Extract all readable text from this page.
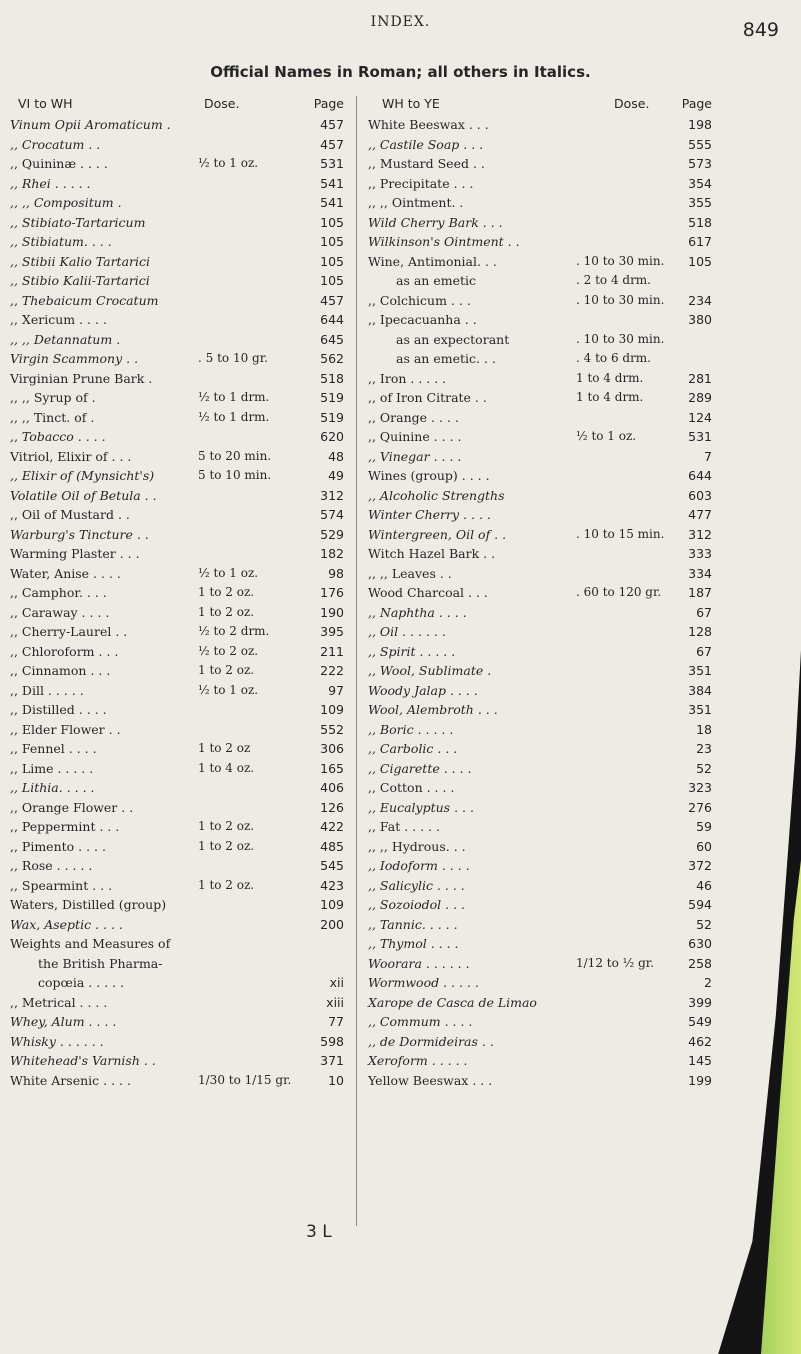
INDEX.	849
Official Names in Roman; all others in Italics.
VI to WH	Dose.	Page
Vinum Opii Aromaticum .	457
,, Crocatum . .	457
,, Quininæ . . . .	½ to 1 oz.	531
,, Rhei . . . . .	541
,, ,, Compositum .	541
,, Stibiato-Tartaricum	105
,, Stibiatum. . . .	105
,, Stibii Kalio Tartarici	105
,, Stibio Kalii-Tartarici	105
,, Thebaicum Crocatum	457
,, Xericum . . . .	644
,, ,, Detannatum .	645
Virgin Scammony . .	. 5 to 10 gr.	562
Virginian Prune Bark .	518
,, ,, Syrup of .	½ to 1 drm.	519
,, ,, Tinct. of .	½ to 1 drm.	519
,, Tobacco . . . .	620
Vitriol, Elixir of . . .	5 to 20 min.	48
,, Elixir of (Mynsicht's)	5 to 10 min.	49
Volatile Oil of Betula . .	312
,, Oil of Mustard . .	574
Warburg's Tincture . .	529
Warming Plaster . . .	182
Water, Anise . . . .	½ to 1 oz.	98
,, Camphor. . . .	1 to 2 oz.	176
,, Caraway . . . .	1 to 2 oz.	190
,, Cherry-Laurel . .	½ to 2 drm.	395
,, Chloroform . . .	½ to 2 oz.	211
,, Cinnamon . . .	1 to 2 oz.	222
,, Dill . . . . .	½ to 1 oz.	97
,, Distilled . . . .	109
,, Elder Flower . .	552
,, Fennel . . . .	1 to 2 oz	306
,, Lime . . . . .	1 to 4 oz.	165
,, Lithia. . . . .	406
,, Orange Flower . .	126
,, Peppermint . . .	1 to 2 oz.	422
,, Pimento . . . .	1 to 2 oz.	485
,, Rose . . . . .	545
,, Spearmint . . .	1 to 2 oz.	423
Waters, Distilled (group)	109
Wax, Aseptic . . . .	200
Weights and Measures of
the British Pharma-
copœia . . . . .	xii
,, Metrical . . . .	xiii
Whey, Alum . . . .	77
Whisky . . . . . .	598
Whitehead's Varnish . .	371
White Arsenic . . . .	1/30 to 1/15 gr.	10
WH to YE	Dose.	Page
White Beeswax . . .	198
,, Castile Soap . . .	555
,, Mustard Seed . .	573
,, Precipitate . . .	354
,, ,, Ointment. .	355
Wild Cherry Bark . . .	518
Wilkinson's Ointment . .	617
Wine, Antimonial. . .	. 10 to 30 min. 105
as an emetic	. 2 to 4 drm.
,, Colchicum . . .	. 10 to 30 min. 234
,, Ipecacuanha . .	380
as an expectorant	. 10 to 30 min.
as an emetic. . .	. 4 to 6 drm.
,, Iron . . . . .	1 to 4 drm.	281
,, of Iron Citrate . .	1 to 4 drm.	289
,, Orange . . . .	124
,, Quinine . . . .	½ to 1 oz.	531
,, Vinegar . . . .	7
Wines (group) . . . .	644
,, Alcoholic Strengths	603
Winter Cherry . . . .	477
Wintergreen, Oil of . .	. 10 to 15 min. 312
Witch Hazel Bark . .	333
,, ,, Leaves . .	334
Wood Charcoal . . .	. 60 to 120 gr. 187
,, Naphtha . . . .	67
,, Oil . . . . . .	128
,, Spirit . . . . .	67
,, Wool, Sublimate .	351
Woody Jalap . . . .	384
Wool, Alembroth . . .	351
,, Boric . . . . .	18
,, Carbolic . . .	23
,, Cigarette . . . .	52
,, Cotton . . . .	323
,, Eucalyptus . . .	276
,, Fat . . . . .	59
,, ,, Hydrous. . .	60
,, Iodoform . . . .	372
,, Salicylic . . . .	46
,, Sozoiodol . . .	594
,, Tannic. . . . .	52
,, Thymol . . . .	630
Woorara . . . . . .	1/12 to ½ gr.	258
Wormwood . . . . .	2
Xarope de Casca de Limao	399
,, Commum . . . .	549
,, de Dormideiras . .	462
Xeroform . . . . .	145
Yellow Beeswax . . .	199
3 L
